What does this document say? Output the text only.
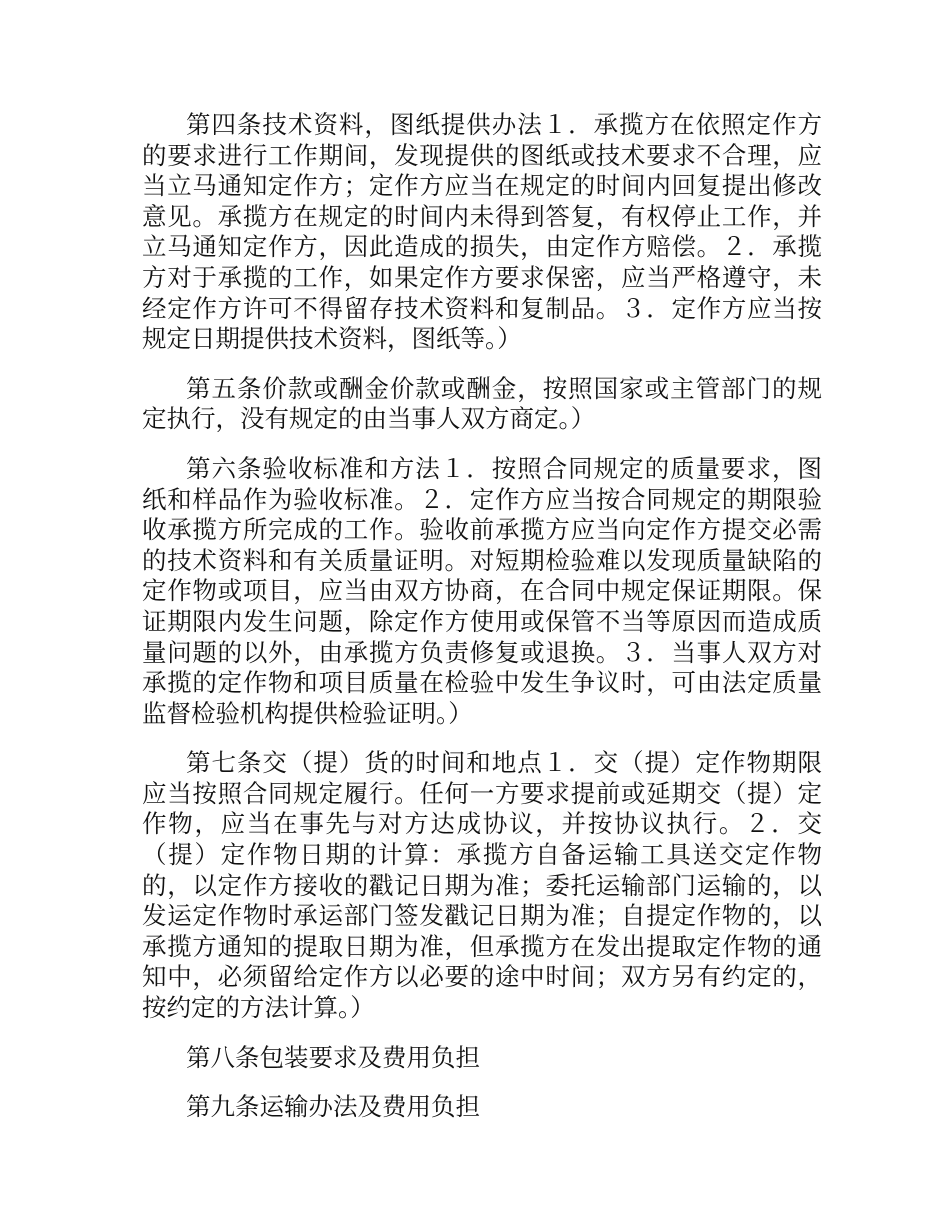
第四条技术资料，图纸提供办法１．承揽方在依照定作方的要求进行工作期间，发现提供的图纸或技术要求不合理，应当立马通知定作方；定作方应当在规定的时间内回复提出修改意见。承揽方在规定的时间内未得到答复，有权停止工作，并立马通知定作方，因此造成的损失，由定作方赔偿。２．承揽方对于承揽的工作，如果定作方要求保密，应当严格遵守，未经定作方许可不得留存技术资料和复制品。３．定作方应当按规定日期提供技术资料，图纸等。）

第五条价款或酬金价款或酬金，按照国家或主管部门的规定执行，没有规定的由当事人双方商定。）

第六条验收标准和方法１．按照合同规定的质量要求，图纸和样品作为验收标准。２．定作方应当按合同规定的期限验收承揽方所完成的工作。验收前承揽方应当向定作方提交必需的技术资料和有关质量证明。对短期检验难以发现质量缺陷的定作物或项目，应当由双方协商，在合同中规定保证期限。保证期限内发生问题，除定作方使用或保管不当等原因而造成质量问题的以外，由承揽方负责修复或退换。３．当事人双方对承揽的定作物和项目质量在检验中发生争议时，可由法定质量监督检验机构提供检验证明。）

第七条交（提）货的时间和地点１．交（提）定作物期限应当按照合同规定履行。任何一方要求提前或延期交（提）定作物，应当在事先与对方达成协议，并按协议执行。２．交（提）定作物日期的计算：承揽方自备运输工具送交定作物的，以定作方接收的戳记日期为准；委托运输部门运输的，以发运定作物时承运部门签发戳记日期为准；自提定作物的，以承揽方通知的提取日期为准，但承揽方在发出提取定作物的通知中，必须留给定作方以必要的途中时间；双方另有约定的，按约定的方法计算。）

第八条包装要求及费用负担

第九条运输办法及费用负担
